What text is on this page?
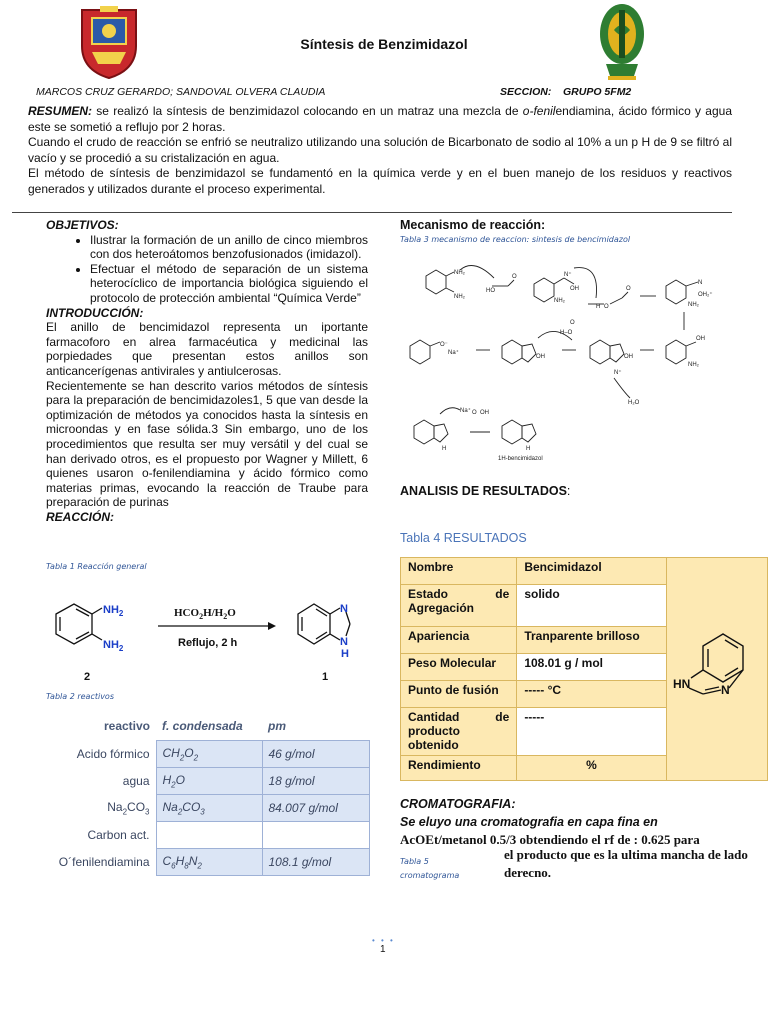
Síntesis de Benzimidazol
MARCOS CRUZ GERARDO; SANDOVAL OLVERA CLAUDIA	SECCION: GRUPO 5FM2

RESUMEN: se realizó la síntesis de benzimidazol colocando en un matraz una mezcla de o-fenilendiamina, ácido fórmico y agua este se sometió a reflujo por 2 horas.

Cuando el crudo de reacción se enfrió se neutralizo utilizando una solución de Bicarbonato de sodio al 10% a un p H de 9 se filtró al vacío y se procedió a su cristalización en agua.

El método de síntesis de benzimidazol se fundamentó en la química verde y en el buen manejo de los residuos y reactivos generados y utilizados durante el proceso experimental.

OBJETIVOS:

• Ilustrar la formación de un anillo de cinco miembros con dos heteroátomos benzofusionados (imidazol).
• Efectuar el método de separación de un sistema heterocíclico de importancia biológica siguiendo el protocolo de protección ambiental “Química Verde”

INTRODUCCIÓN:

El anillo de bencimidazol representa un iportante farmacoforo en alrea farmacéutica y medicinal las porpiedades que presentan estos anillos son anticancerígenas antivirales y antiulcerosas.

Recientemente se han descrito varios métodos de síntesis para la preparación de bencimidazoles1, 5 que van desde la optimización de métodos ya conocidos hasta la síntesis en microondas y en fase sólida.3 Sin embargo, uno de los procedimientos que resulta ser muy versátil y del cual se han derivado otros, es el propuesto por Wagner y Millett, 6 quienes usaron o-fenilendiamina y ácido fórmico como materias primas, evocando la reacción de Traube para preparación de purinas

REACCIÓN:

Tabla 1 Reacción general
$NH_2$
$NH_2$
$HCO_2H/H_2O$
Reflujo, 2 h
N
N
H
2	1
Tabla 2 reactivos
reactivo	f. condensada	pm
Acido fórmico	$CH_2O_2$	46 g/mol
agua	$H_2O$	18 g/mol
$Na_2CO_3$	$Na_2CO_3$	84.007 g/mol
Carbon act.		
O´fenilendiamina	$C_6H_8N_2$	108.1 g/mol
Mecanismo de reacción:
Tabla 3 mecanismo de reaccion: sintesis de bencimidazol
NH₂
NH₂
HO
O
NH₂
N⁺
OH
H O
O
N
OH₂⁺
NH₂
OH
NH₂
OH
N⁺
OH
H–O
O
O⁻
Na⁺
Na⁺ O OH
H₂O
H	H
1H-bencimidazol
ANALISIS DE RESULTADOS:
Tabla 4 RESULTADOS
Nombre	Bencimidazol	HN N

Estado de Agregación	solido	
Apariencia	Tranparente brilloso	
Peso Molecular	108.01 g / mol	
Punto de fusión	----- °C	
Cantidad de producto obtenido	-----	
Rendimiento	%	
CROMATOGRAFIA:
Se eluyo una cromatografia en capa fina en
AcOEt/metanol 0.5/3 obtendiendo el rf de : 0.625 para
Tabla 5 cromatograma
el producto que es la ultima mancha de lado derecno.
• • •
1
